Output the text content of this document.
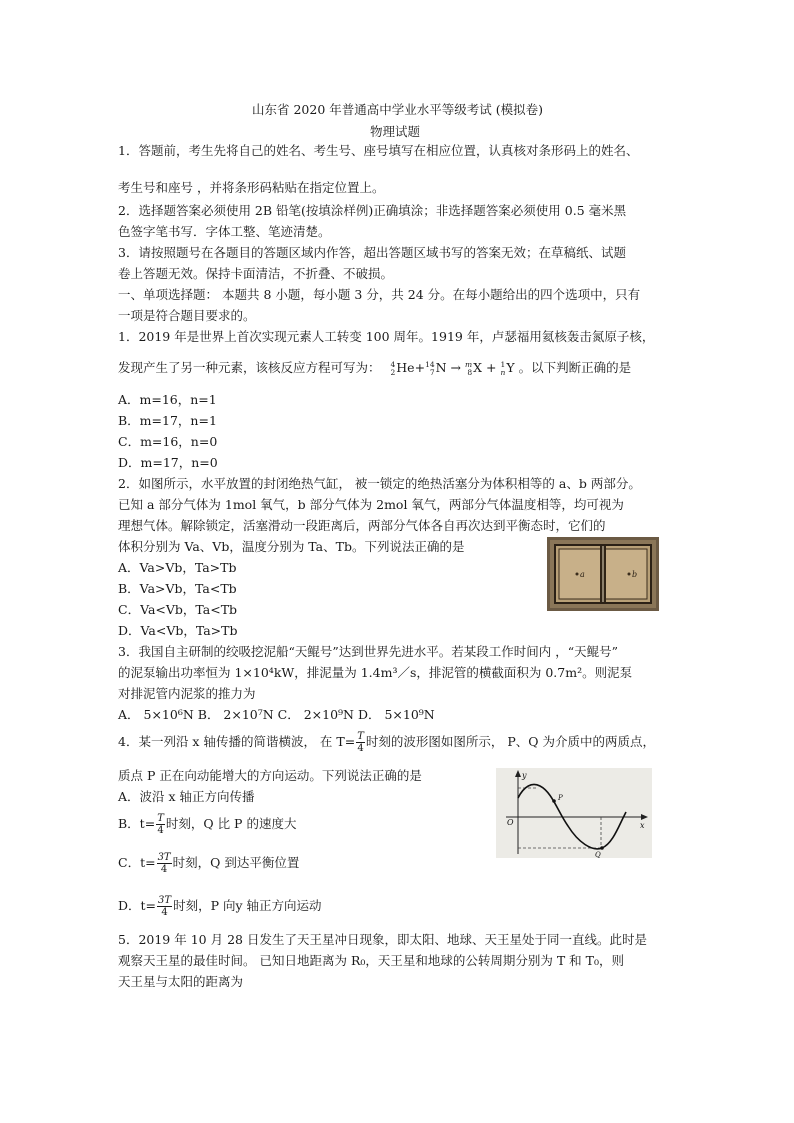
山东省 2020 年普通高中学业水平等级考试 (模拟卷)
物理试题
1．答题前，考生先将自己的姓名、考生号、座号填写在相应位置，认真核对条形码上的姓名、
考生号和座号 ，并将条形码粘贴在指定位置上。
2．选择题答案必须使用 2B 铅笔(按填涂样例)正确填涂；非选择题答案必须使用 0.5 毫米黑
色签字笔书写．字体工整、笔迹清楚。
3．请按照题号在各题目的答题区域内作答，超出答题区域书写的答案无效；在草稿纸、试题
卷上答题无效。保持卡面清洁，不折叠、不破损。
一、单项选择题： 本题共 8 小题，每小题 3 分，共 24 分。在每小题给出的四个选项中，只有
一项是符合题目要求的。
1．2019 年是世界上首次实现元素人工转变 100 周年。1919 年，卢瑟福用氦核轰击氮原子核，
发现产生了另一种元素，该核反应方程可写为： 4
2He+14
7N → m
8X + 1
nY 。以下判断正确的是
A．m=16，n=1
B．m=17，n=1
C．m=16，n=0
D．m=17，n=0
2．如图所示，水平放置的封闭绝热气缸， 被一锁定的绝热活塞分为体积相等的 a、b 两部分。
已知 a 部分气体为 1mol 氧气，b 部分气体为 2mol 氧气，两部分气体温度相等，均可视为
理想气体。解除锁定，活塞滑动一段距离后，两部分气体各自再次达到平衡态时，它们的
体积分别为 Va、Vb，温度分别为 Ta、Tb。下列说法正确的是
A．Va>Vb，Ta>Tb
B．Va>Vb，Ta<Tb
C．Va<Vb，Ta<Tb
D．Va<Vb，Ta>Tb
a	b
3．我国自主研制的绞吸挖泥船“天鲲号”达到世界先进水平。若某段工作时间内 ，“天鲲号”
的泥泵输出功率恒为 1×10⁴kW，排泥量为 1.4m³／s，排泥管的横截面积为 0.7m²。则泥泵
对排泥管内泥浆的推力为
A． 5×10⁶N B． 2×10⁷N C． 2×10⁹N D． 5×10⁹N
4．某一列沿 x 轴传播的简谐横波， 在 $T= \frac{T}{4}$ 时刻的波形图如图所示， P、Q 为介质中的两质点，
质点 P 正在向动能增大的方向运动。下列说法正确的是
A．波沿 x 轴正方向传播
B．$t= \frac{T}{4}$ 时刻，Q 比 P 的速度大
C．$t= \frac{3T}{4}$ 时刻，Q 到达平衡位置
D．$t= \frac{3T}{4}$ 时刻，P 向y 轴正方向运动
y
x
O
P
Q
5．2019 年 10 月 28 日发生了天王星冲日现象，即太阳、地球、天王星处于同一直线。此时是
观察天王星的最佳时间。 已知日地距离为 R₀，天王星和地球的公转周期分别为 T 和 T₀，则
天王星与太阳的距离为
